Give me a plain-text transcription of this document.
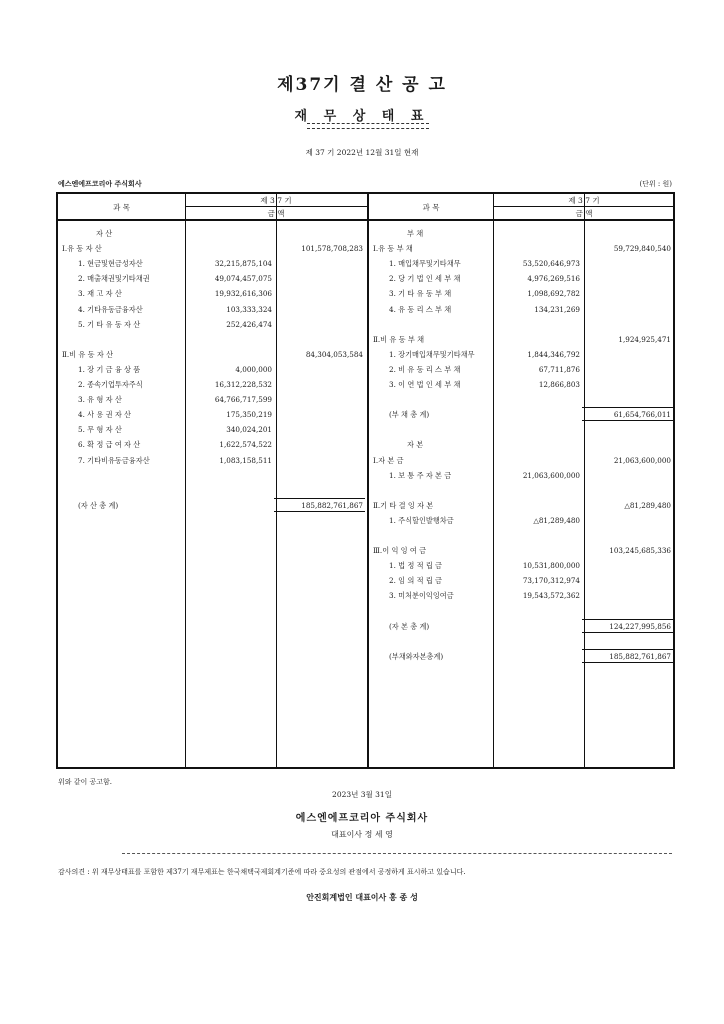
제37기 결 산 공 고
재 무 상 태 표
제 37 기 2022년 12월 31일 현재
에스엔에프코리아 주식회사	(단위 : 원)
과 목
제 3 7 기
금 액
과 목
제 3 7 기
금 액
자 산
Ⅰ.유 동 자 산	101,578,708,283
1. 현금및현금성자산	32,215,875,104
2. 매출채권및기타채권	49,074,457,075
3. 재 고 자 산	19,932,616,306
4. 기타유동금융자산	103,333,324
5. 기 타 유 동 자 산	252,426,474
Ⅱ.비 유 동 자 산	84,304,053,584
1. 장 기 금 융 상 품	4,000,000
2. 종속기업투자주식	16,312,228,532
3. 유 형 자 산	64,766,717,599
4. 사 용 권 자 산	175,350,219
5. 무 형 자 산	340,024,201
6. 확 정 급 여 자 산	1,622,574,522
7. 기타비유동금융자산	1,083,158,511
(자 산 총 계)	185,882,761,867
부 채
Ⅰ.유 동 부 채	59,729,840,540
1. 매입채무및기타채무	53,520,646,973
2. 당 기 법 인 세 부 채	4,976,269,516
3. 기 타 유 동 부 채	1,098,692,782
4. 유 동 리 스 부 채	134,231,269
Ⅱ.비 유 동 부 채	1,924,925,471
1. 장기매입채무및기타채무	1,844,346,792
2. 비 유 동 리 스 부 채	67,711,876
3. 이 연 법 인 세 부 채	12,866,803
(부 채 총 계)	61,654,766,011
자 본
Ⅰ.자 본 금	21,063,600,000
1. 보 통 주 자 본 금	21,063,600,000
Ⅱ.기 타 결 잉 자 본	△81,289,480
1. 주식할인발행차금	△81,289,480
Ⅲ.이 익 잉 여 금	103,245,685,336
1. 법 정 적 립 금	10,531,800,000
2. 임 의 적 립 금	73,170,312,974
3. 미처분이익잉여금	19,543,572,362
(자 본 총 계)	124,227,995,856
(부채와자본총계)	185,882,761,867
위와 같이 공고함.
2023년 3월 31일
에스엔에프코리아 주식회사
대표이사 정 세 영
감사의견 : 위 재무상태표를 포함한 제37기 재무제표는 한국채택국제회계기준에 따라 중요성의 관점에서 공정하게 표시하고 있습니다.
안진회계법인 대표이사 홍 종 성
